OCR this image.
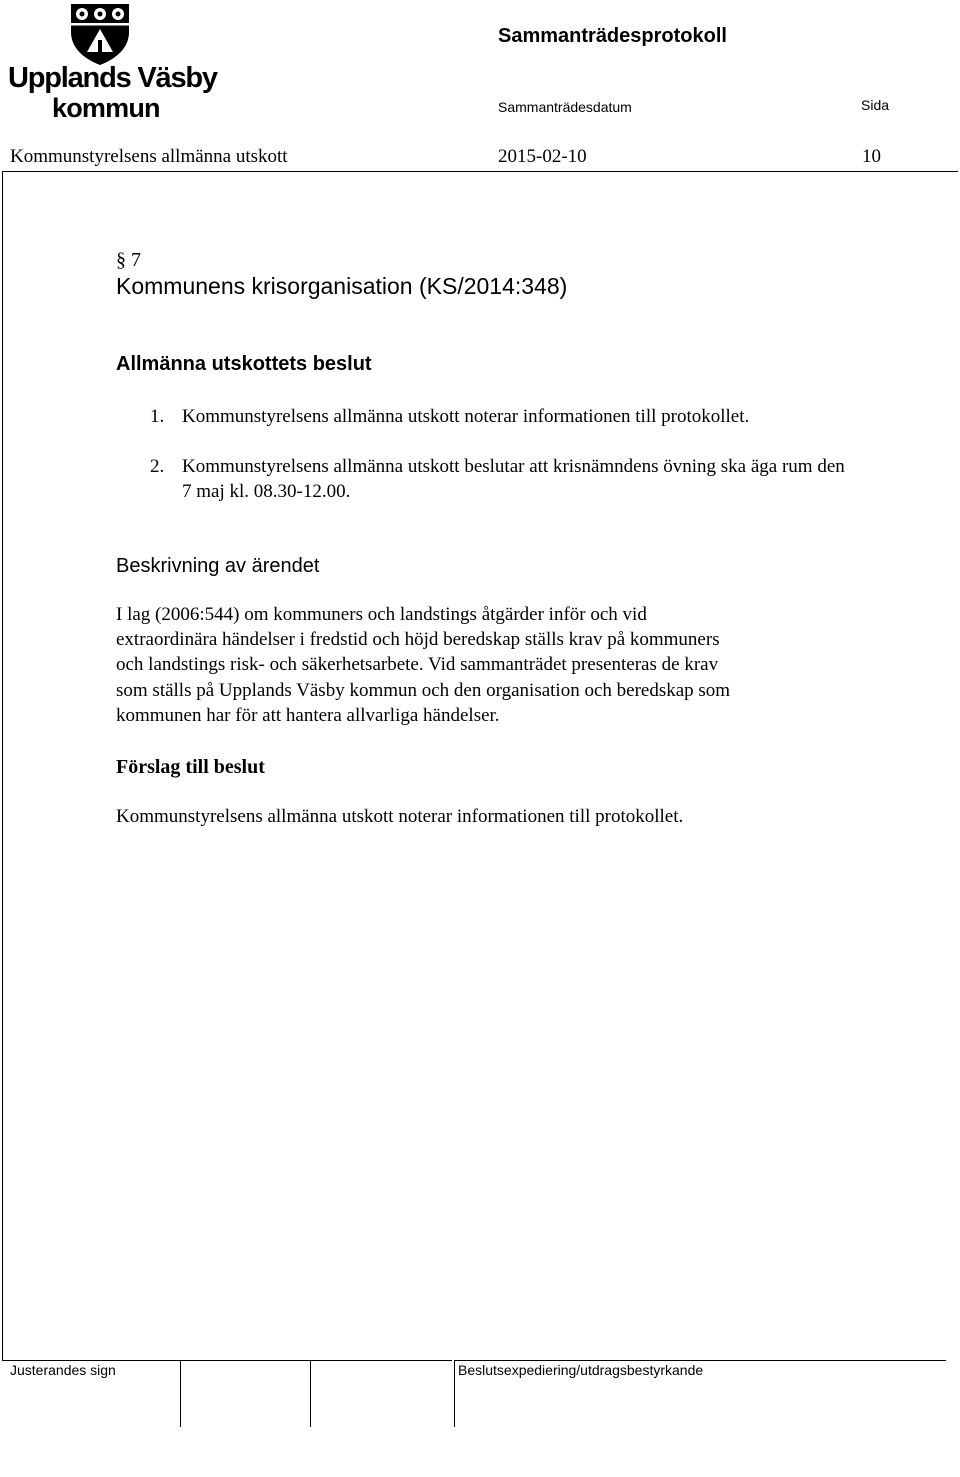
Upplands Väsby
kommun
Sammanträdesprotokoll
Sammanträdesdatum	Sida
Kommunstyrelsens allmänna utskott	2015-02-10	10
§ 7
Kommunens krisorganisation (KS/2014:348)
Allmänna utskottets beslut
1. Kommunstyrelsens allmänna utskott noterar informationen till protokollet.
2. Kommunstyrelsens allmänna utskott beslutar att krisnämndens övning ska äga rum den 7 maj kl. 08.30-12.00.
Beskrivning av ärendet
I lag (2006:544) om kommuners och landstings åtgärder inför och vid
extraordinära händelser i fredstid och höjd beredskap ställs krav på kommuners
och landstings risk- och säkerhetsarbete. Vid sammanträdet presenteras de krav
som ställs på Upplands Väsby kommun och den organisation och beredskap som
kommunen har för att hantera allvarliga händelser.
Förslag till beslut
Kommunstyrelsens allmänna utskott noterar informationen till protokollet.
Justerandes sign	Beslutsexpediering/utdragsbestyrkande
